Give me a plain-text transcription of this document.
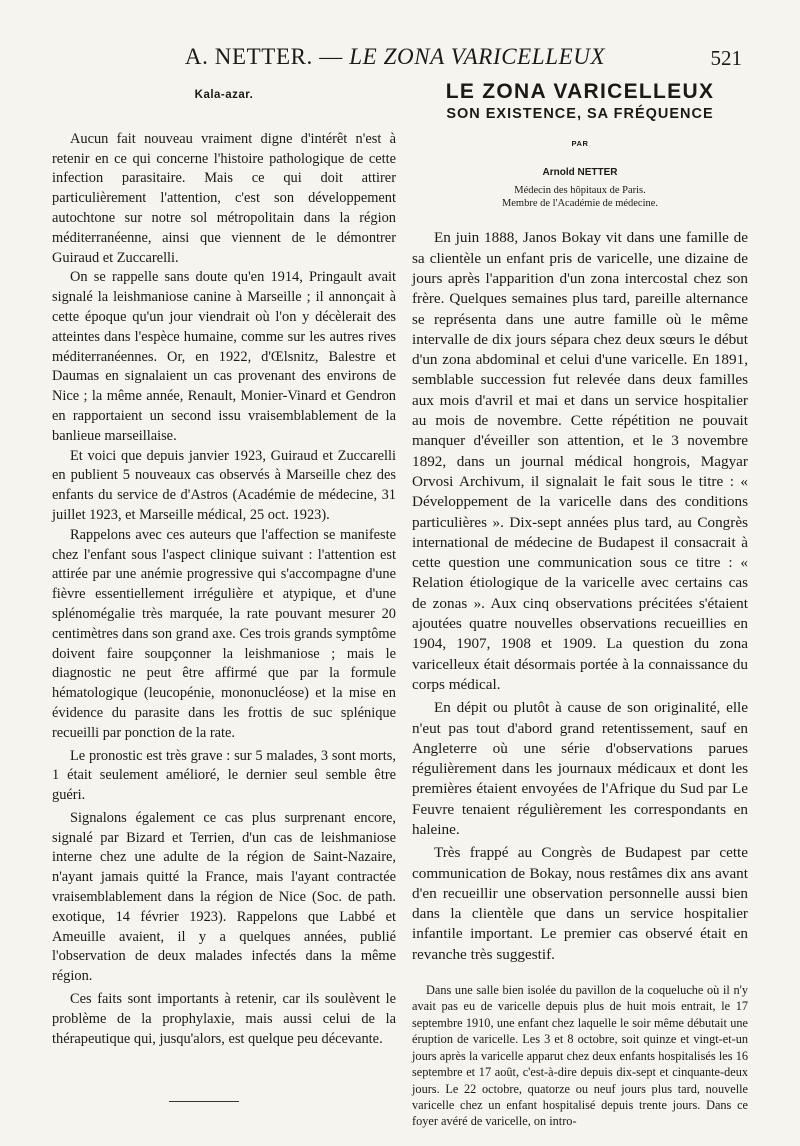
A. NETTER. — LE ZONA VARICELLEUX	521
Kala-azar.

Aucun fait nouveau vraiment digne d'intérêt n'est à retenir en ce qui concerne l'histoire pathologique de cette infection parasitaire. Mais ce qui doit attirer particulièrement l'attention, c'est son développement autochtone sur notre sol métropolitain dans la région méditerranéenne, ainsi que viennent de le démontrer Guiraud et Zuccarelli.

On se rappelle sans doute qu'en 1914, Pringault avait signalé la leishmaniose canine à Marseille ; il annonçait à cette époque qu'un jour viendrait où l'on y décèlerait des atteintes dans l'espèce humaine, comme sur les autres rives méditerranéennes. Or, en 1922, d'Œlsnitz, Balestre et Daumas en signalaient un cas provenant des environs de Nice ; la même année, Renault, Monier-Vinard et Gendron en rapportaient un second issu vraisemblablement de la banlieue marseillaise.

Et voici que depuis janvier 1923, Guiraud et Zuccarelli en publient 5 nouveaux cas observés à Marseille chez des enfants du service de d'Astros (Académie de médecine, 31 juillet 1923, et Marseille médical, 25 oct. 1923).

Rappelons avec ces auteurs que l'affection se manifeste chez l'enfant sous l'aspect clinique suivant : l'attention est attirée par une anémie progressive qui s'accompagne d'une fièvre essentiellement irrégulière et atypique, et d'une splénomégalie très marquée, la rate pouvant mesurer 20 centimètres dans son grand axe. Ces trois grands symptôme doivent faire soupçonner la leishmaniose ; mais le diagnostic ne peut être affirmé que par la formule hématologique (leucopénie, mononucléose) et la mise en évidence du parasite dans les frottis de suc splénique recueilli par ponction de la rate.

Le pronostic est très grave : sur 5 malades, 3 sont morts, 1 était seulement amélioré, le dernier seul semble être guéri.

Signalons également ce cas plus surprenant encore, signalé par Bizard et Terrien, d'un cas de leishmaniose interne chez une adulte de la région de Saint-Nazaire, n'ayant jamais quitté la France, mais l'ayant contractée vraisemblablement dans la région de Nice (Soc. de path. exotique, 14 février 1923). Rappelons que Labbé et Ameuille avaient, il y a quelques années, publié l'observation de deux malades infectés dans la même région.

Ces faits sont importants à retenir, car ils soulèvent le problème de la prophylaxie, mais aussi celui de la thérapeutique qui, jusqu'alors, est quelque peu décevante.

LE ZONA VARICELLEUX
SON EXISTENCE, SA FRÉQUENCE
PAR
Arnold NETTER
Médecin des hôpitaux de Paris.
Membre de l'Académie de médecine.

En juin 1888, Janos Bokay vit dans une famille de sa clientèle un enfant pris de varicelle, une dizaine de jours après l'apparition d'un zona intercostal chez son frère. Quelques semaines plus tard, pareille alternance se représenta dans une autre famille où le même intervalle de dix jours sépara chez deux sœurs le début d'un zona abdominal et celui d'une varicelle. En 1891, semblable succession fut relevée dans deux familles aux mois d'avril et mai et dans un service hospitalier au mois de novembre. Cette répétition ne pouvait manquer d'éveiller son attention, et le 3 novembre 1892, dans un journal médical hongrois, Magyar Orvosi Archivum, il signalait le fait sous le titre : « Développement de la varicelle dans des conditions particulières ». Dix-sept années plus tard, au Congrès international de médecine de Budapest il consacrait à cette question une communication sous ce titre : « Relation étiologique de la varicelle avec certains cas de zonas ». Aux cinq observations précitées s'étaient ajoutées quatre nouvelles observations recueillies en 1904, 1907, 1908 et 1909. La question du zona varicelleux était désormais portée à la connaissance du corps médical.

En dépit ou plutôt à cause de son originalité, elle n'eut pas tout d'abord grand retentissement, sauf en Angleterre où une série d'observations parues régulièrement dans les journaux médicaux et dont les premières étaient envoyées de l'Afrique du Sud par Le Feuvre tenaient régulièrement les correspondants en haleine.

Très frappé au Congrès de Budapest par cette communication de Bokay, nous restâmes dix ans avant d'en recueillir une observation personnelle aussi bien dans la clientèle que dans un service hospitalier infantile important. Le premier cas observé était en revanche très suggestif.

Dans une salle bien isolée du pavillon de la coqueluche où il n'y avait pas eu de varicelle depuis plus de huit mois entrait, le 17 septembre 1910, une enfant chez laquelle le soir même débutait une éruption de varicelle. Les 3 et 8 octobre, soit quinze et vingt-et-un jours après la varicelle apparut chez deux enfants hospitalisés les 16 septembre et 17 août, c'est-à-dire depuis dix-sept et cinquante-deux jours. Le 22 octobre, quatorze ou neuf jours plus tard, nouvelle varicelle chez un enfant hospitalisé depuis trente jours. Dans ce foyer avéré de varicelle, on intro-
